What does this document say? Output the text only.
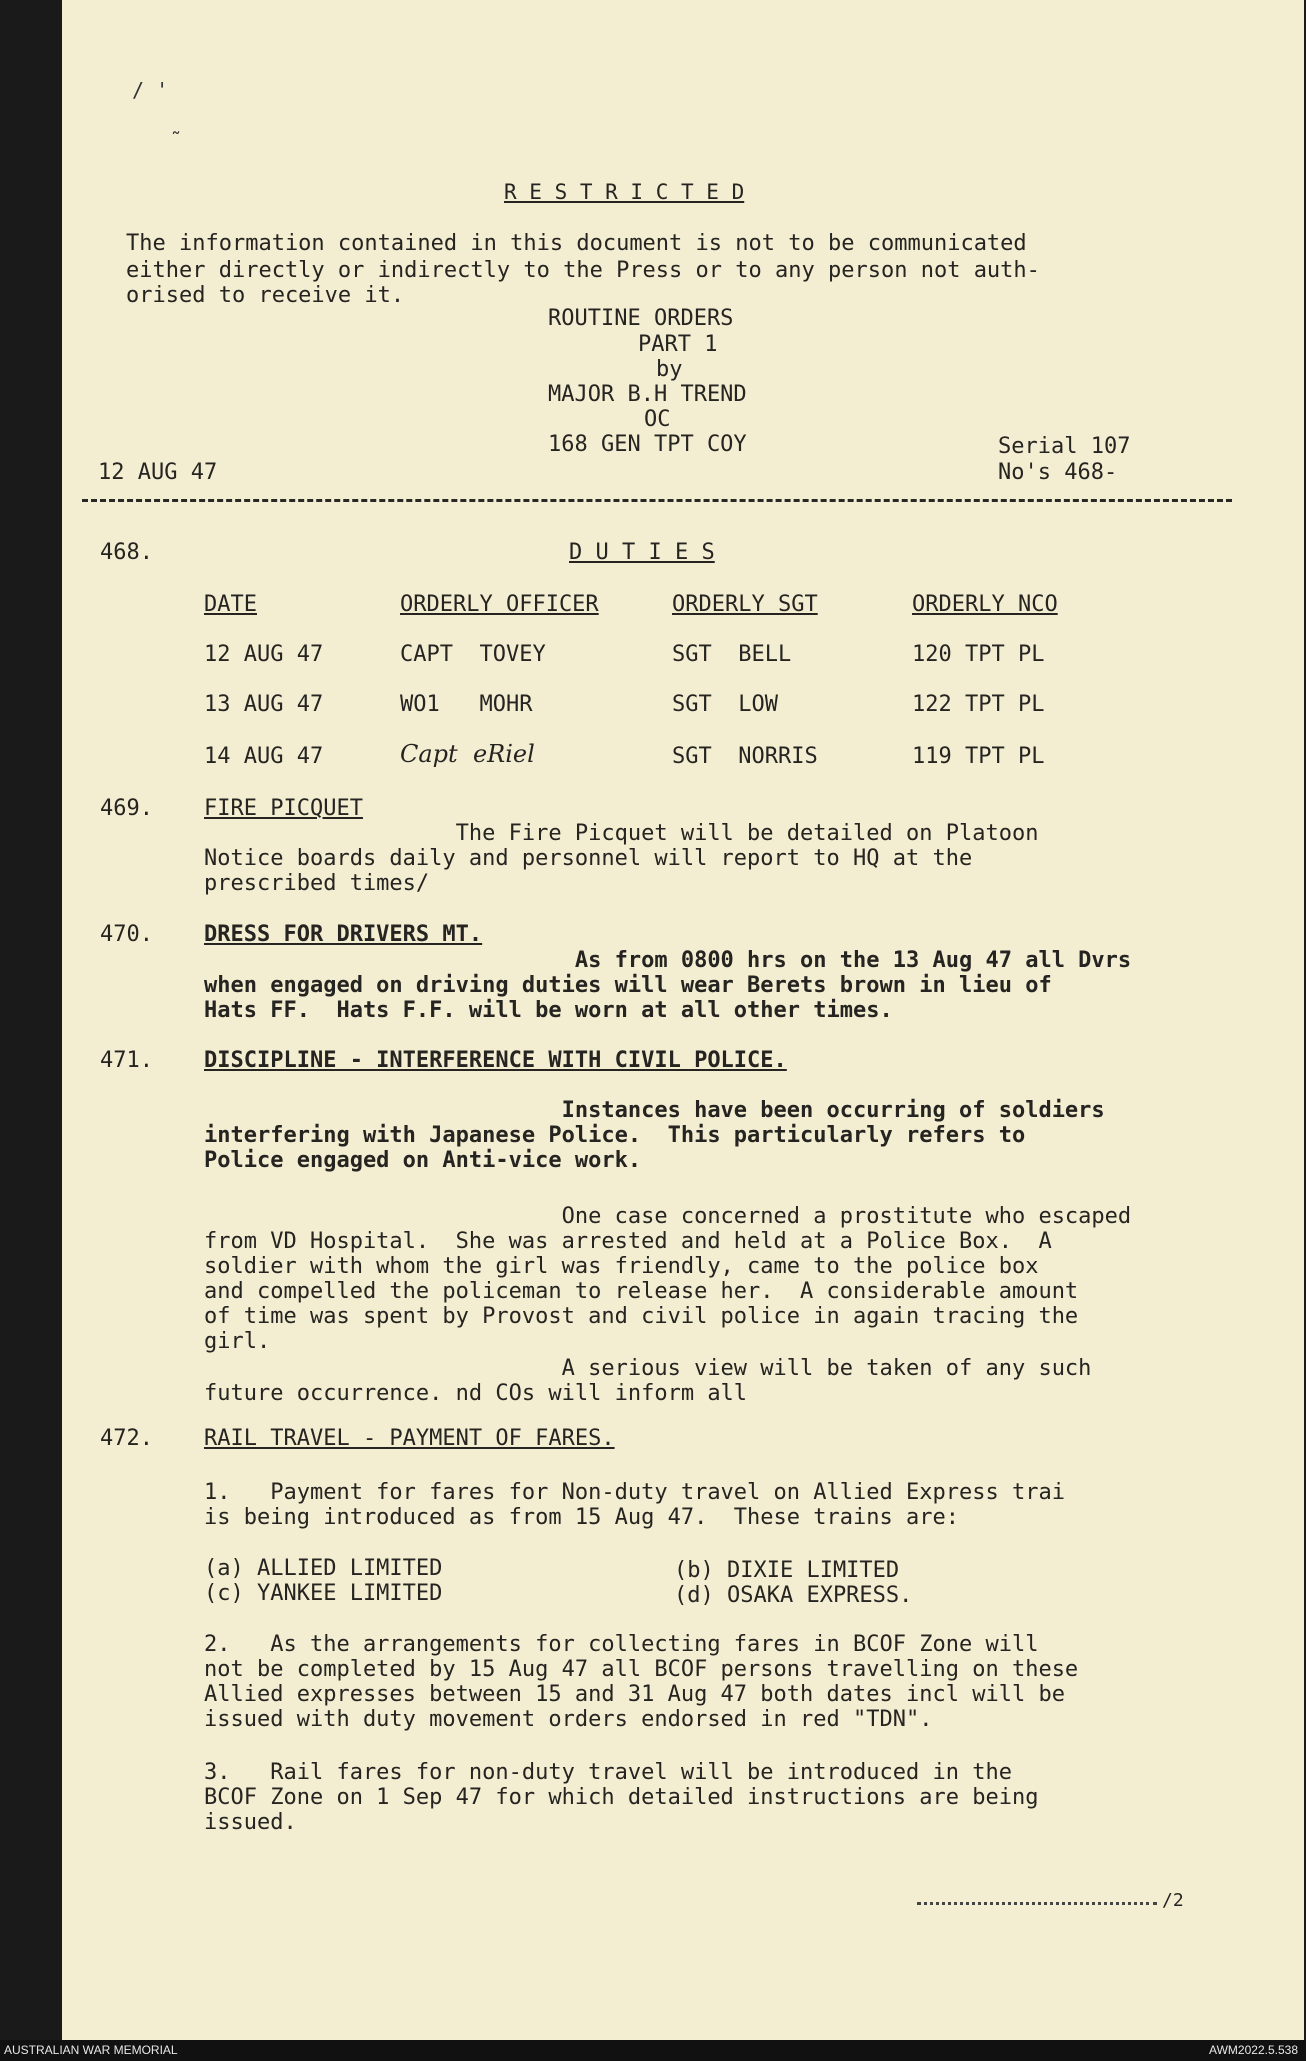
/ '
˜
R E S T R I C T E D
The information contained in this document is not to be communicated
either directly or indirectly to the Press or to any person not auth-
orised to receive it.
ROUTINE ORDERS
PART 1
by
MAJOR B.H TREND
OC
168 GEN TPT COY
12 AUG 47
Serial 107
No's 468-
468.	D U T I E S
DATE	ORDERLY OFFICER	ORDERLY SGT	ORDERLY NCO
12 AUG 47	CAPT  TOVEY	SGT  BELL	120 TPT PL
13 AUG 47	WO1   MOHR	SGT  LOW	122 TPT PL
14 AUG 47	Capt  eRiel	SGT  NORRIS	119 TPT PL
469. FIRE PICQUET
The Fire Picquet will be detailed on Platoon
Notice boards daily and personnel will report to HQ at the
prescribed times/
470. DRESS FOR DRIVERS MT.
As from 0800 hrs on the 13 Aug 47 all Dvrs
when engaged on driving duties will wear Berets brown in lieu of
Hats FF.  Hats F.F. will be worn at all other times.
471. DISCIPLINE - INTERFERENCE WITH CIVIL POLICE.
Instances have been occurring of soldiers
interfering with Japanese Police.  This particularly refers to
Police engaged on Anti-vice work.
One case concerned a prostitute who escaped
from VD Hospital.  She was arrested and held at a Police Box.  A
soldier with whom the girl was friendly, came to the police box
and compelled the policeman to release her.  A considerable amount
of time was spent by Provost and civil police in again tracing the
girl.
A serious view will be taken of any such
future occurrence. nd COs will inform all
472. RAIL TRAVEL - PAYMENT OF FARES.
1.   Payment for fares for Non-duty travel on Allied Express trai
is being introduced as from 15 Aug 47.  These trains are:
(a) ALLIED LIMITED	(b) DIXIE LIMITED
(c) YANKEE LIMITED	(d) OSAKA EXPRESS.
2.   As the arrangements for collecting fares in BCOF Zone will
not be completed by 15 Aug 47 all BCOF persons travelling on these
Allied expresses between 15 and 31 Aug 47 both dates incl will be
issued with duty movement orders endorsed in red "TDN".
3.   Rail fares for non-duty travel will be introduced in the
BCOF Zone on 1 Sep 47 for which detailed instructions are being
issued.
/2
AUSTRALIAN WAR MEMORIAL	AWM2022.5.538
